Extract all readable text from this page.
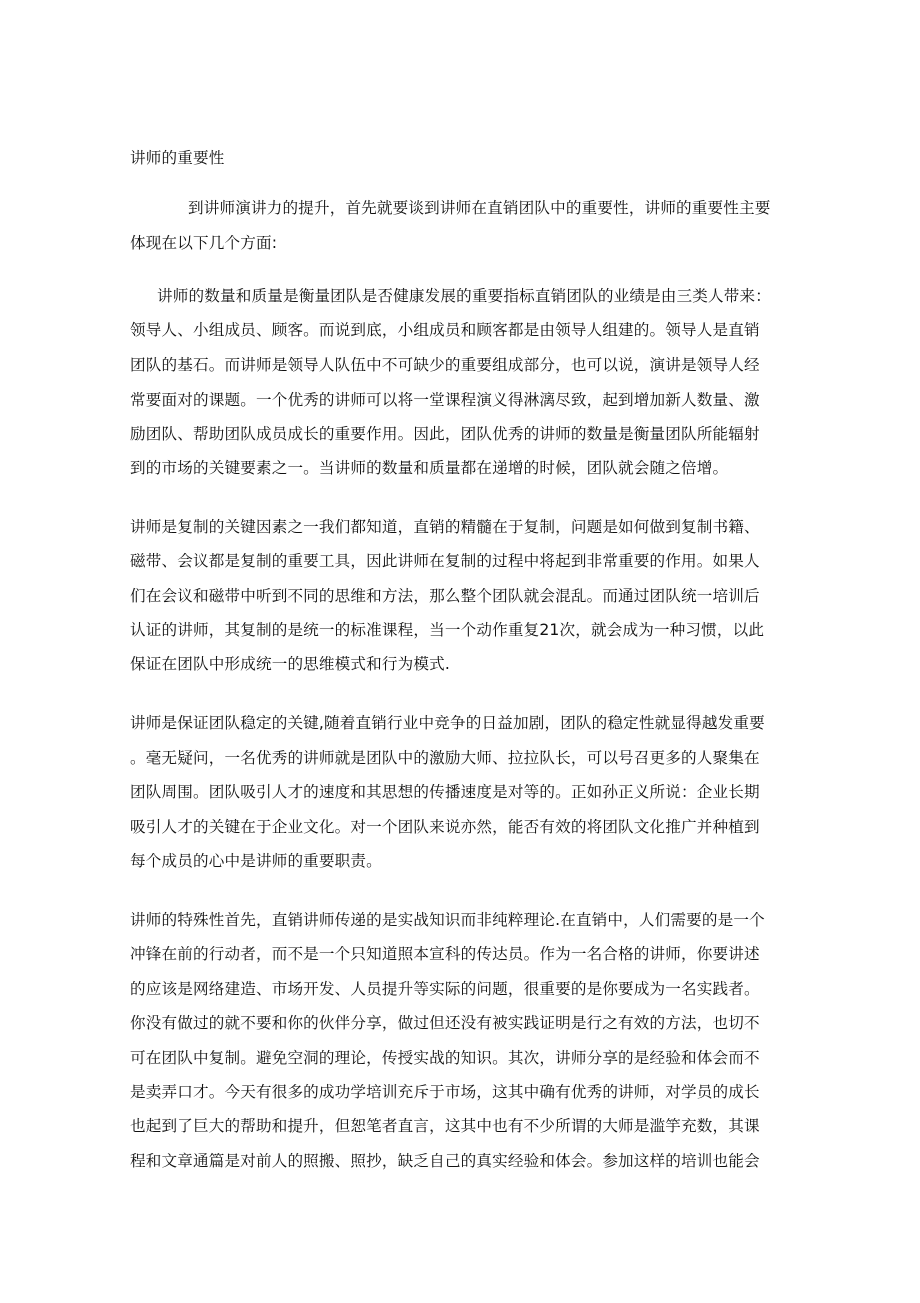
讲师的重要性
到讲师演讲力的提升，首先就要谈到讲师在直销团队中的重要性，讲师的重要性主要
体现在以下几个方面:
讲师的数量和质量是衡量团队是否健康发展的重要指标直销团队的业绩是由三类人带来：
领导人、小组成员、顾客。而说到底，小组成员和顾客都是由领导人组建的。领导人是直销
团队的基石。而讲师是领导人队伍中不可缺少的重要组成部分，也可以说，演讲是领导人经
常要面对的课题。一个优秀的讲师可以将一堂课程演义得淋漓尽致，起到增加新人数量、激
励团队、帮助团队成员成长的重要作用。因此，团队优秀的讲师的数量是衡量团队所能辐射
到的市场的关键要素之一。当讲师的数量和质量都在递增的时候，团队就会随之倍增。
讲师是复制的关键因素之一我们都知道，直销的精髓在于复制，问题是如何做到复制书籍、
磁带、会议都是复制的重要工具，因此讲师在复制的过程中将起到非常重要的作用。如果人
们在会议和磁带中听到不同的思维和方法，那么整个团队就会混乱。而通过团队统一培训后
认证的讲师，其复制的是统一的标准课程，当一个动作重复21次，就会成为一种习惯，以此
保证在团队中形成统一的思维模式和行为模式.
讲师是保证团队稳定的关键,随着直销行业中竞争的日益加剧，团队的稳定性就显得越发重要
。毫无疑问，一名优秀的讲师就是团队中的激励大师、拉拉队长，可以号召更多的人聚集在
团队周围。团队吸引人才的速度和其思想的传播速度是对等的。正如孙正义所说：企业长期
吸引人才的关键在于企业文化。对一个团队来说亦然，能否有效的将团队文化推广并种植到
每个成员的心中是讲师的重要职责。
讲师的特殊性首先，直销讲师传递的是实战知识而非纯粹理论.在直销中，人们需要的是一个
冲锋在前的行动者，而不是一个只知道照本宣科的传达员。作为一名合格的讲师，你要讲述
的应该是网络建造、市场开发、人员提升等实际的问题，很重要的是你要成为一名实践者。
你没有做过的就不要和你的伙伴分享，做过但还没有被实践证明是行之有效的方法，也切不
可在团队中复制。避免空洞的理论，传授实战的知识。其次，讲师分享的是经验和体会而不
是卖弄口才。今天有很多的成功学培训充斥于市场，这其中确有优秀的讲师，对学员的成长
也起到了巨大的帮助和提升，但恕笔者直言，这其中也有不少所谓的大师是滥竽充数，其课
程和文章通篇是对前人的照搬、照抄，缺乏自己的真实经验和体会。参加这样的培训也能会
